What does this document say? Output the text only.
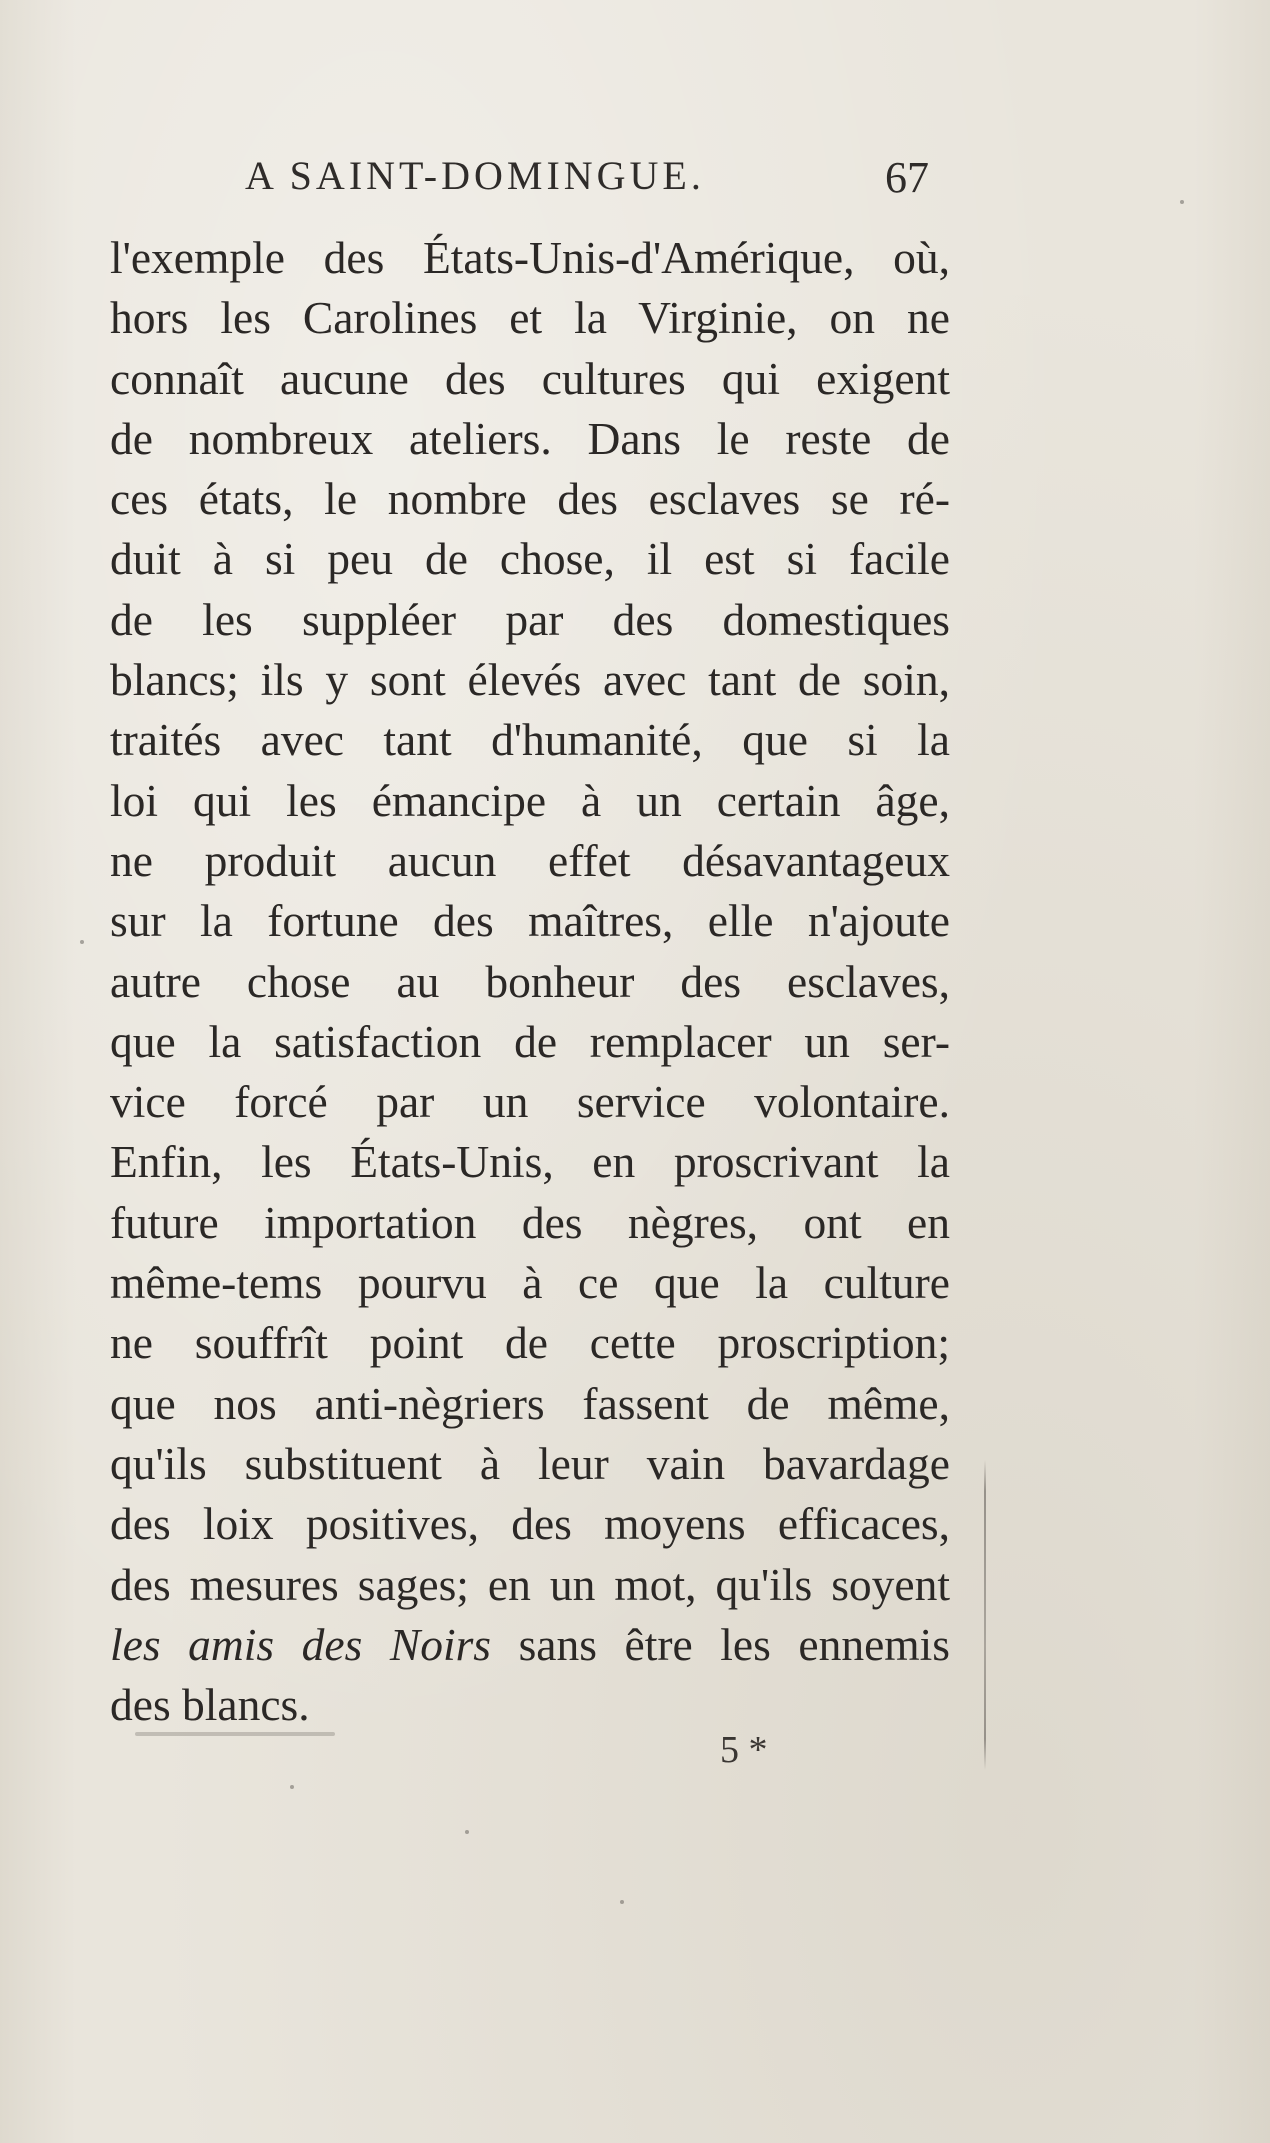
A SAINT-DOMINGUE.	67
l'exemple des États-Unis-d'Amérique, où,
hors les Carolines et la Virginie, on ne
connaît aucune des cultures qui exigent
de nombreux ateliers. Dans le reste de
ces états, le nombre des esclaves se ré-
duit à si peu de chose, il est si facile
de les suppléer par des domestiques
blancs; ils y sont élevés avec tant de soin,
traités avec tant d'humanité, que si la
loi qui les émancipe à un certain âge,
ne produit aucun effet désavantageux
sur la fortune des maîtres, elle n'ajoute
autre chose au bonheur des esclaves,
que la satisfaction de remplacer un ser-
vice forcé par un service volontaire.
Enfin, les États-Unis, en proscrivant la
future importation des nègres, ont en
même-tems pourvu à ce que la culture
ne souffrît point de cette proscription;
que nos anti-nègriers fassent de même,
qu'ils substituent à leur vain bavardage
des loix positives, des moyens efficaces,
des mesures sages; en un mot, qu'ils soyent
les amis des Noirs sans être les ennemis
des blancs.
5 *
